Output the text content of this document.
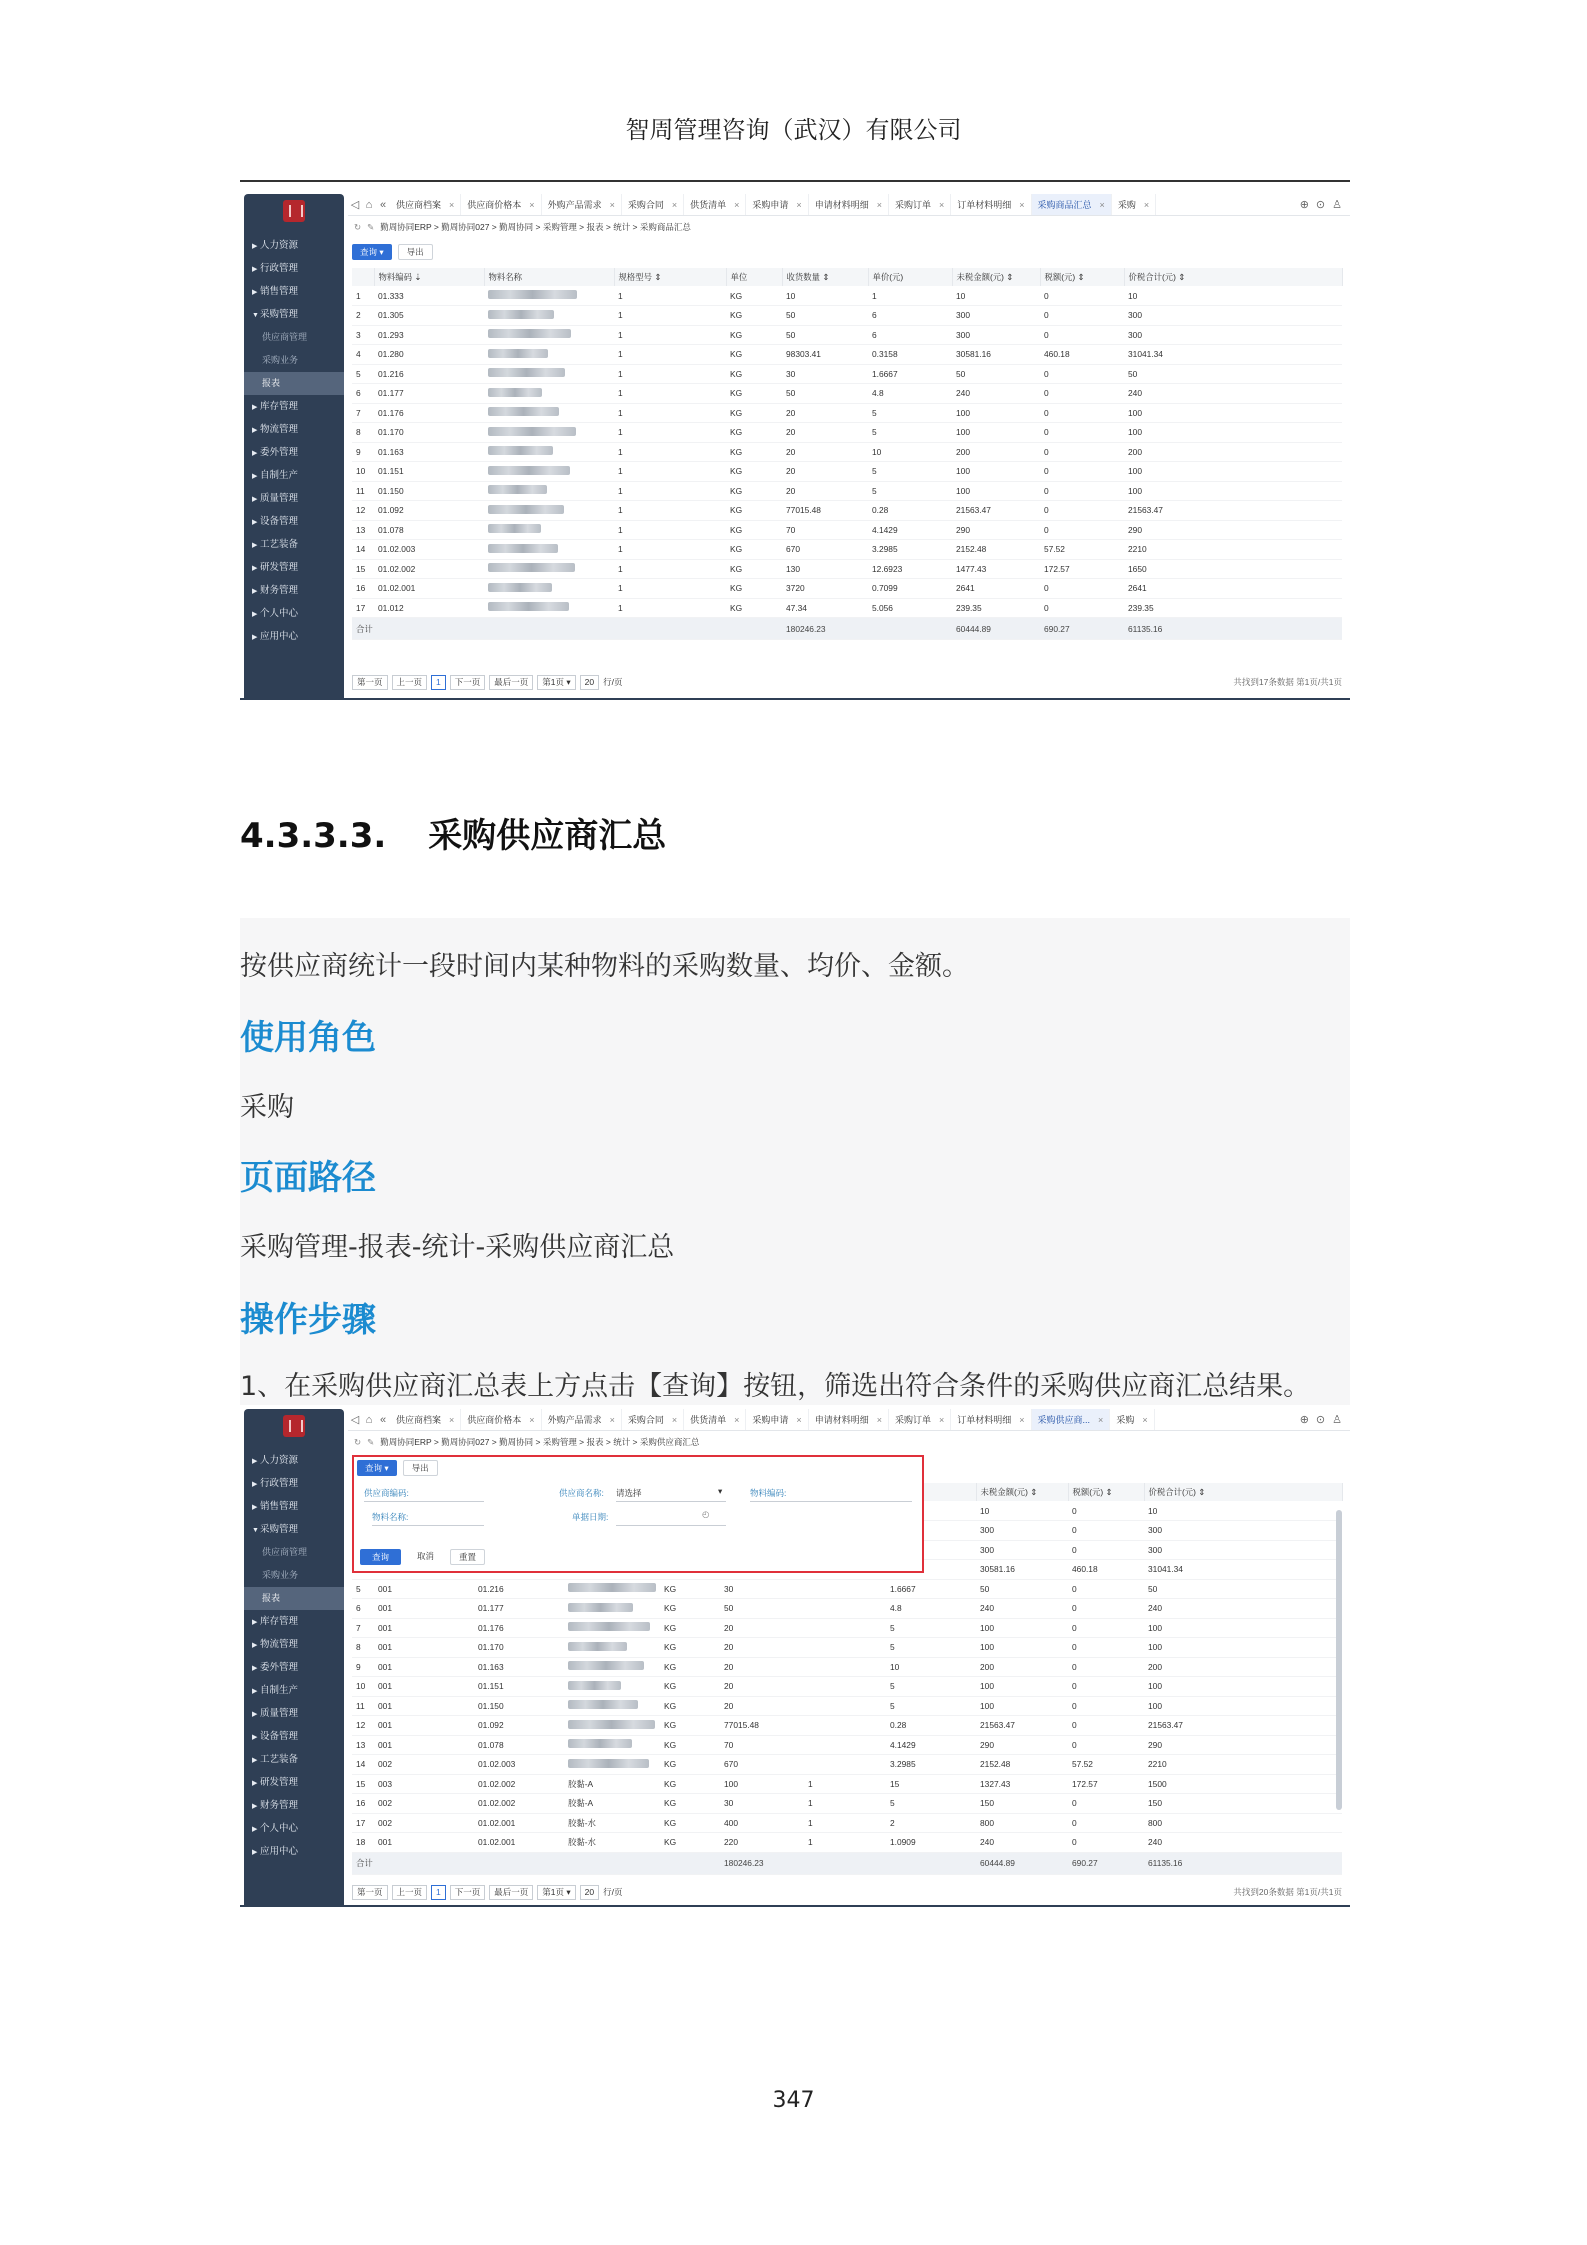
智周管理咨询（武汉）有限公司
▶ 人力资源
▶ 行政管理
▶ 销售管理
▼采购管理
供应商管理
采购业务
报表
▶ 库存管理
▶ 物流管理
▶ 委外管理
▶ 自制生产
▶ 质量管理
▶ 设备管理
▶ 工艺装备
▶ 研发管理
▶ 财务管理
▶ 个人中心
▶ 应用中心
◁ ⌂ «	供应商档案 ×	供应商价格本 ×	外购产品需求 ×	采购合同 ×	供货清单 ×	采购申请 ×	申请材料明细 ×	采购订单 ×	订单材料明细 ×	采购商品汇总 ×	采购 ×	⊕ ⊙ ♙
↻ ✎ 勤周协同ERP > 勤周协同027 > 勤周协同 > 采购管理 > 报表 > 统计 > 采购商品汇总
查询 ▾	导出
	物料编码 ⇣	物料名称	规格型号 ⇕	单位	收货数量 ⇕	单价(元)	未税金额(元) ⇕	税额(元) ⇕	价税合计(元) ⇕
1	01.333		1	KG	10	1	10	0	10
2	01.305		1	KG	50	6	300	0	300
3	01.293		1	KG	50	6	300	0	300
4	01.280		1	KG	98303.41	0.3158	30581.16	460.18	31041.34
5	01.216		1	KG	30	1.6667	50	0	50
6	01.177		1	KG	50	4.8	240	0	240
7	01.176		1	KG	20	5	100	0	100
8	01.170		1	KG	20	5	100	0	100
9	01.163		1	KG	20	10	200	0	200
10	01.151		1	KG	20	5	100	0	100
11	01.150		1	KG	20	5	100	0	100
12	01.092		1	KG	77015.48	0.28	21563.47	0	21563.47
13	01.078		1	KG	70	4.1429	290	0	290
14	01.02.003		1	KG	670	3.2985	2152.48	57.52	2210
15	01.02.002		1	KG	130	12.6923	1477.43	172.57	1650
16	01.02.001		1	KG	3720	0.7099	2641	0	2641
17	01.012		1	KG	47.34	5.056	239.35	0	239.35
合计					180246.23		60444.89	690.27	61135.16
第一页	上一页	1	下一页	最后一页	第1页 ▾	20	行/页	共找到17条数据 第1页/共1页
4.3.3.3. 采购供应商汇总
按供应商统计一段时间内某种物料的采购数量、均价、金额。
使用角色
采购
页面路径
采购管理-报表-统计-采购供应商汇总
操作步骤
1、在采购供应商汇总表上方点击【查询】按钮，筛选出符合条件的采购供应商汇总结果。
▶ 人力资源
▶ 行政管理
▶ 销售管理
▼采购管理
供应商管理
采购业务
报表
▶ 库存管理
▶ 物流管理
▶ 委外管理
▶ 自制生产
▶ 质量管理
▶ 设备管理
▶ 工艺装备
▶ 研发管理
▶ 财务管理
▶ 个人中心
▶ 应用中心
◁ ⌂ «	供应商档案 ×	供应商价格本 ×	外购产品需求 ×	采购合同 ×	供货清单 ×	采购申请 ×	申请材料明细 ×	采购订单 ×	订单材料明细 ×	采购供应商... ×	采购 ×	⊕ ⊙ ♙
↻ ✎ 勤周协同ERP > 勤周协同027 > 勤周协同 > 采购管理 > 报表 > 统计 > 采购供应商汇总
								未税金额(元) ⇕	税额(元) ⇕	价税合计(元) ⇕
								10	0	10
								300	0	300
								300	0	300
								30581.16	460.18	31041.34
5	001	01.216		KG	30		1.6667	50	0	50
6	001	01.177		KG	50		4.8	240	0	240
7	001	01.176		KG	20		5	100	0	100
8	001	01.170		KG	20		5	100	0	100
9	001	01.163		KG	20		10	200	0	200
10	001	01.151		KG	20		5	100	0	100
11	001	01.150		KG	20		5	100	0	100
12	001	01.092		KG	77015.48		0.28	21563.47	0	21563.47
13	001	01.078		KG	70		4.1429	290	0	290
14	002	01.02.003		KG	670		3.2985	2152.48	57.52	2210
15	003	01.02.002	胶黏-A	KG	100	1	15	1327.43	172.57	1500
16	002	01.02.002	胶黏-A	KG	30	1	5	150	0	150
17	002	01.02.001	胶黏-水	KG	400	1	2	800	0	800
18	001	01.02.001	胶黏-水	KG	220	1	1.0909	240	0	240
合计					180246.23			60444.89	690.27	61135.16
查询 ▾	导出
供应商编码:	供应商名称: 请选择	▾	物料编码:
物料名称:	单据日期:	◴
查询	取消	重置
第一页	上一页	1	下一页	最后一页	第1页 ▾	20	行/页	共找到20条数据 第1页/共1页
347
